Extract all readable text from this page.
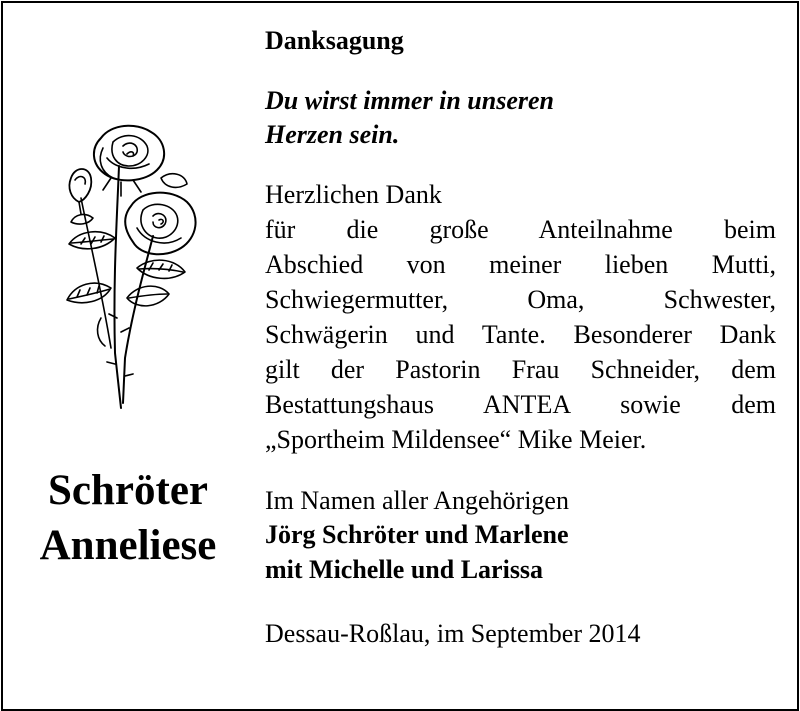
Schröter
Anneliese
Danksagung
Du wirst immer in unseren
Herzen sein.
Herzlichen Dank
für die große Anteilnahme beim
Abschied von meiner lieben Mutti,
Schwiegermutter, Oma, Schwester,
Schwägerin und Tante. Besonderer Dank
gilt der Pastorin Frau Schneider, dem
Bestattungshaus ANTEA sowie dem
„Sportheim Mildensee“ Mike Meier.
Im Namen aller Angehörigen
Jörg Schröter und Marlene
mit Michelle und Larissa
Dessau-Roßlau, im September 2014
